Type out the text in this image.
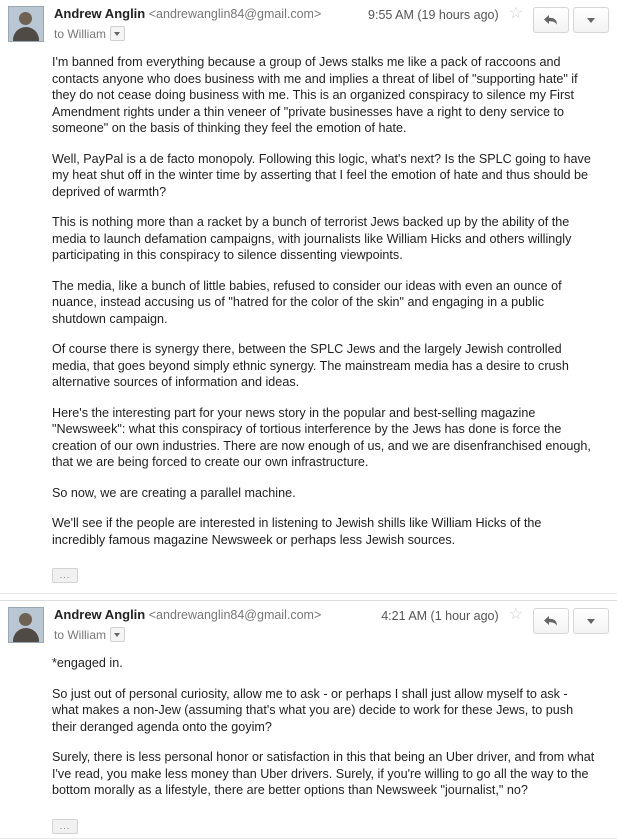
Andrew Anglin <andrewanglin84@gmail.com>
to William
9:55 AM (19 hours ago) ☆

I'm banned from everything because a group of Jews stalks me like a pack of raccoons and contacts anyone who does business with me and implies a threat of libel of "supporting hate" if they do not cease doing business with me. This is an organized conspiracy to silence my First Amendment rights under a thin veneer of "private businesses have a right to deny service to someone" on the basis of thinking they feel the emotion of hate.

Well, PayPal is a de facto monopoly. Following this logic, what's next? Is the SPLC going to have my heat shut off in the winter time by asserting that I feel the emotion of hate and thus should be deprived of warmth?

This is nothing more than a racket by a bunch of terrorist Jews backed up by the ability of the media to launch defamation campaigns, with journalists like William Hicks and others willingly participating in this conspiracy to silence dissenting viewpoints.

The media, like a bunch of little babies, refused to consider our ideas with even an ounce of nuance, instead accusing us of "hatred for the color of the skin" and engaging in a public shutdown campaign.

Of course there is synergy there, between the SPLC Jews and the largely Jewish controlled media, that goes beyond simply ethnic synergy. The mainstream media has a desire to crush alternative sources of information and ideas.

Here's the interesting part for your news story in the popular and best-selling magazine "Newsweek": what this conspiracy of tortious interference by the Jews has done is force the creation of our own industries. There are now enough of us, and we are disenfranchised enough, that we are being forced to create our own infrastructure.

So now, we are creating a parallel machine.

We'll see if the people are interested in listening to Jewish shills like William Hicks of the incredibly famous magazine Newsweek or perhaps less Jewish sources.

...
Andrew Anglin <andrewanglin84@gmail.com>
to William
4:21 AM (1 hour ago) ☆

*engaged in.

So just out of personal curiosity, allow me to ask - or perhaps I shall just allow myself to ask - what makes a non-Jew (assuming that's what you are) decide to work for these Jews, to push their deranged agenda onto the goyim?

Surely, there is less personal honor or satisfaction in this that being an Uber driver, and from what I've read, you make less money than Uber drivers. Surely, if you're willing to go all the way to the bottom morally as a lifestyle, there are better options than Newsweek "journalist," no?

...
